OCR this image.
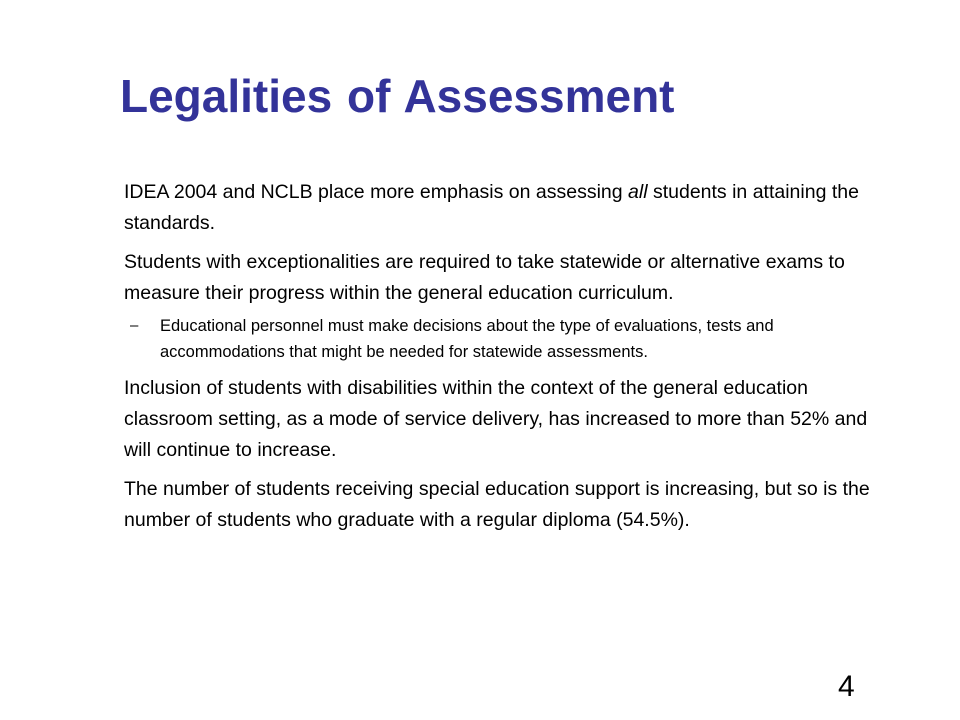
Legalities of Assessment

IDEA 2004 and NCLB place more emphasis on assessing all students in attaining the standards.

Students with exceptionalities are required to take statewide or alternative exams to measure their progress within the general education curriculum.

– Educational personnel must make decisions about the type of evaluations, tests and accommodations that might be needed for statewide assessments.

Inclusion of students with disabilities within the context of the general education classroom setting, as a mode of service delivery, has increased to more than 52% and will continue to increase.

The number of students receiving special education support is increasing, but so is the number of students who graduate with a regular diploma (54.5%).

4
